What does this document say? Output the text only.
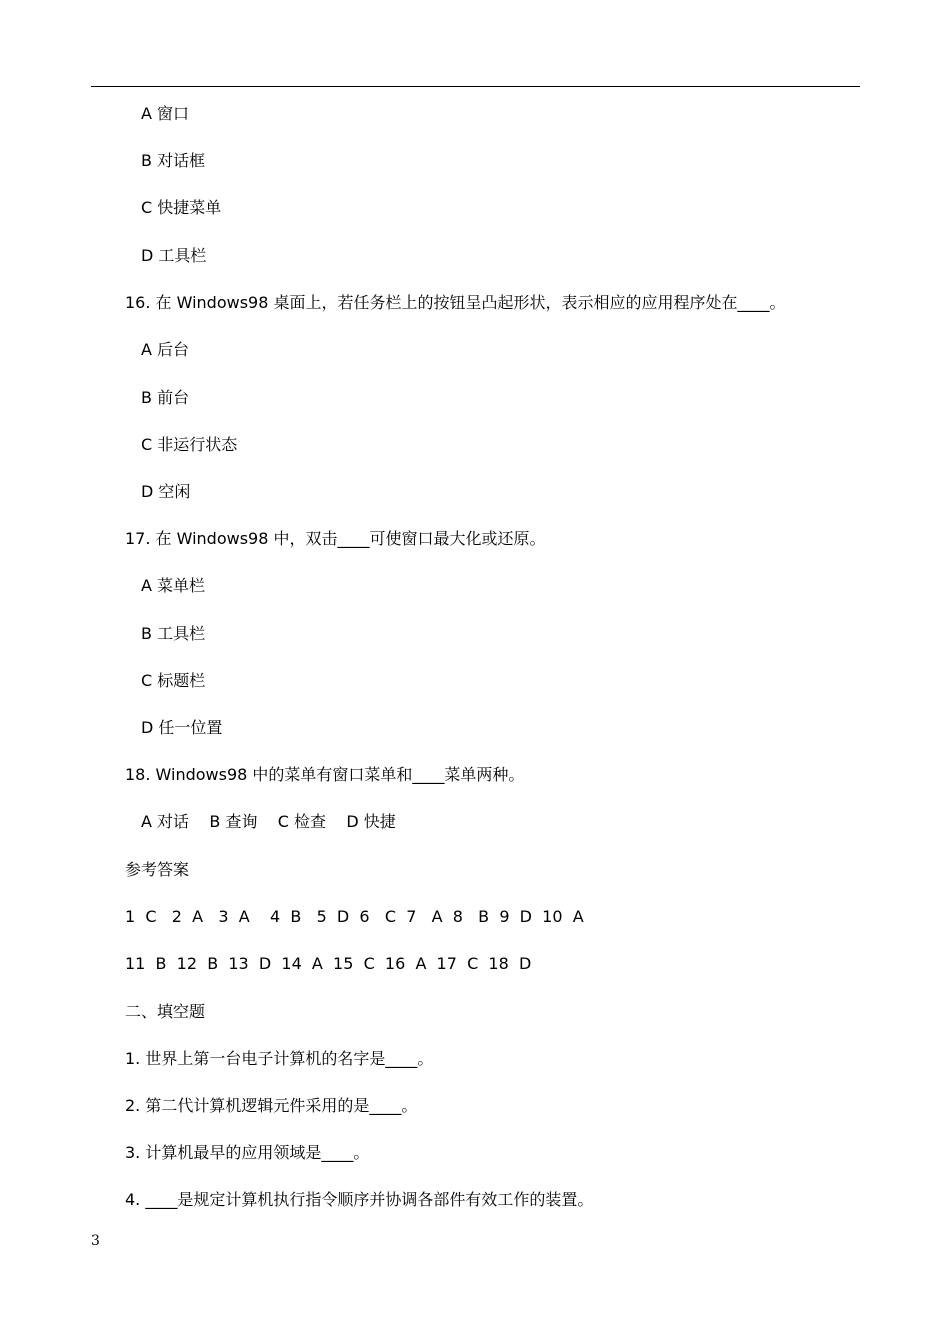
A 窗口
B 对话框
C 快捷菜单
D 工具栏
16. 在 Windows98 桌面上，若任务栏上的按钮呈凸起形状，表示相应的应用程序处在____。
A 后台
B 前台
C 非运行状态
D 空闲
17. 在 Windows98 中，双击____可使窗口最大化或还原。
A 菜单栏
B 工具栏
C 标题栏
D 任一位置
18. Windows98 中的菜单有窗口菜单和____菜单两种。
A 对话    B 查询    C 检查    D 快捷
参考答案
1  C   2  A   3  A    4  B   5  D  6   C  7   A  8   B  9  D  10  A
11  B  12  B  13  D  14  A  15  C  16  A  17  C  18  D
二、填空题
1. 世界上第一台电子计算机的名字是____。
2. 第二代计算机逻辑元件采用的是____。
3. 计算机最早的应用领域是____。
4. ____是规定计算机执行指令顺序并协调各部件有效工作的装置。
3
